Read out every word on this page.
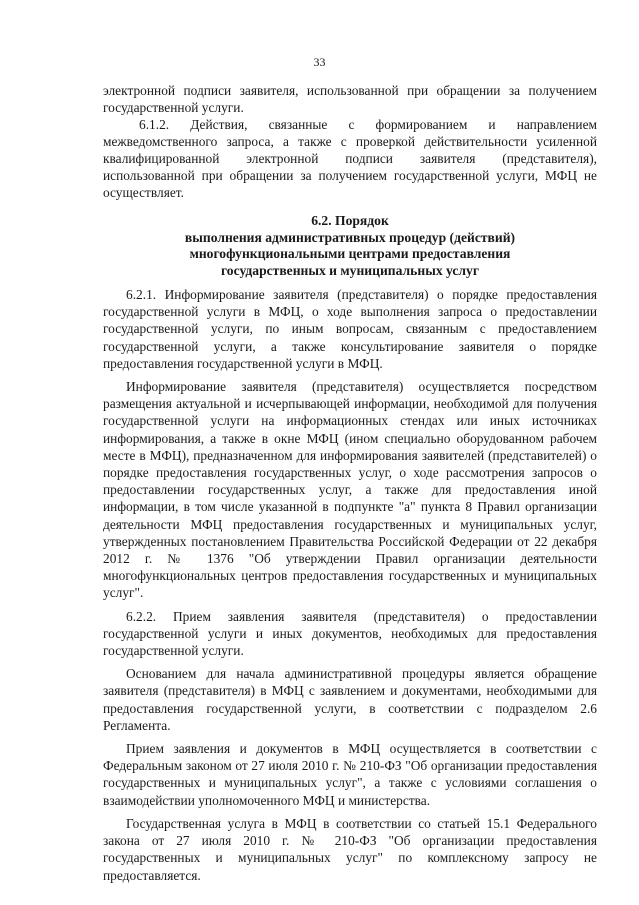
33

электронной подписи заявителя, использованной при обращении за получением государственной услуги.

6.1.2. Действия, связанные с формированием и направлением межведомственного запроса, а также с проверкой действительности усиленной квалифицированной электронной подписи заявителя (представителя), использованной при обращении за получением государственной услуги, МФЦ не осуществляет.

6.2. Порядок
выполнения административных процедур (действий)
многофункциональными центрами предоставления
государственных и муниципальных услуг

6.2.1. Информирование заявителя (представителя) о порядке предоставления государственной услуги в МФЦ, о ходе выполнения запроса о предоставлении государственной услуги, по иным вопросам, связанным с предоставлением государственной услуги, а также консультирование заявителя о порядке предоставления государственной услуги в МФЦ.

Информирование заявителя (представителя) осуществляется посредством размещения актуальной и исчерпывающей информации, необходимой для получения государственной услуги на информационных стендах или иных источниках информирования, а также в окне МФЦ (ином специально оборудованном рабочем месте в МФЦ), предназначенном для информирования заявителей (представителей) о порядке предоставления государственных услуг, о ходе рассмотрения запросов о предоставлении государственных услуг, а также для предоставления иной информации, в том числе указанной в подпункте "а" пункта 8 Правил организации деятельности МФЦ предоставления государственных и муниципальных услуг, утвержденных постановлением Правительства Российской Федерации от 22 декабря 2012 г. № 1376 "Об утверждении Правил организации деятельности многофункциональных центров предоставления государственных и муниципальных услуг".

6.2.2. Прием заявления заявителя (представителя) о предоставлении государственной услуги и иных документов, необходимых для предоставления государственной услуги.

Основанием для начала административной процедуры является обращение заявителя (представителя) в МФЦ с заявлением и документами, необходимыми для предоставления государственной услуги, в соответствии с подразделом 2.6 Регламента.

Прием заявления и документов в МФЦ осуществляется в соответствии с Федеральным законом от 27 июля 2010 г. № 210-ФЗ "Об организации предоставления государственных и муниципальных услуг", а также с условиями соглашения о взаимодействии уполномоченного МФЦ и министерства.

Государственная услуга в МФЦ в соответствии со статьей 15.1 Федерального закона от 27 июля 2010 г. № 210-ФЗ "Об организации предоставления государственных и муниципальных услуг" по комплексному запросу не предоставляется.
